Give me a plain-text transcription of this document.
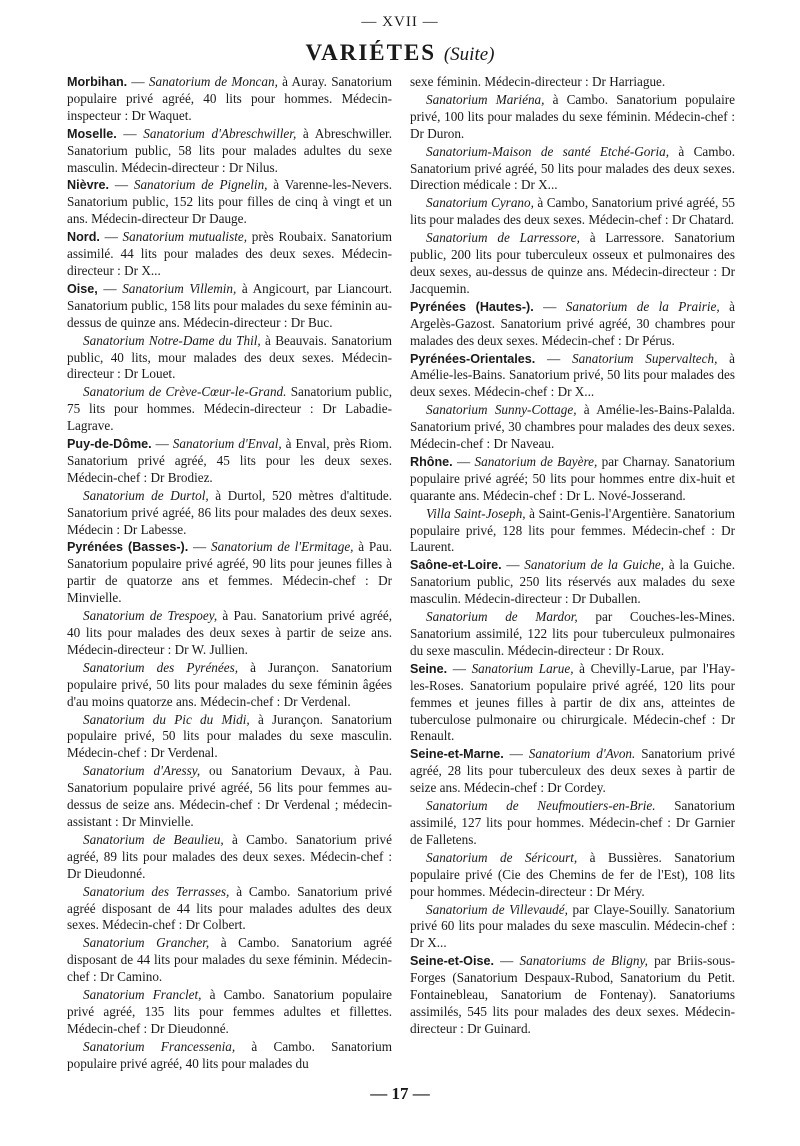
— XVII —
VARIÉTES (Suite)

Morbihan. — Sanatorium de Moncan, à Auray. Sanatorium populaire privé agréé, 40 lits pour hommes. Médecin-inspecteur : Dr Waquet.

Moselle. — Sanatorium d'Abreschwiller, à Abreschwiller. Sanatorium public, 58 lits pour malades adultes du sexe masculin. Médecin-directeur : Dr Nilus.

Nièvre. — Sanatorium de Pignelin, à Varenne-les-Nevers. Sanatorium public, 152 lits pour filles de cinq à vingt et un ans. Médecin-directeur Dr Dauge.

Nord. — Sanatorium mutualiste, près Roubaix. Sanatorium assimilé. 44 lits pour malades des deux sexes. Médecin-directeur : Dr X...

Oise, — Sanatorium Villemin, à Angicourt, par Liancourt. Sanatorium public, 158 lits pour malades du sexe féminin au-dessus de quinze ans. Médecin-directeur : Dr Buc.

Sanatorium Notre-Dame du Thil, à Beauvais. Sanatorium public, 40 lits, mour malades des deux sexes. Médecin-directeur : Dr Louet.

Sanatorium de Crève-Cœur-le-Grand. Sanatorium public, 75 lits pour hommes. Médecin-directeur : Dr Labadie-Lagrave.

Puy-de-Dôme. — Sanatorium d'Enval, à Enval, près Riom. Sanatorium privé agréé, 45 lits pour les deux sexes. Médecin-chef : Dr Brodiez.

Sanatorium de Durtol, à Durtol, 520 mètres d'altitude. Sanatorium privé agréé, 86 lits pour malades des deux sexes. Médecin : Dr Labesse.

Pyrénées (Basses-). — Sanatorium de l'Ermitage, à Pau. Sanatorium populaire privé agréé, 90 lits pour jeunes filles à partir de quatorze ans et femmes. Médecin-chef : Dr Minvielle.

Sanatorium de Trespoey, à Pau. Sanatorium privé agréé, 40 lits pour malades des deux sexes à partir de seize ans. Médecin-directeur : Dr W. Jullien.

Sanatorium des Pyrénées, à Jurançon. Sanatorium populaire privé, 50 lits pour malades du sexe féminin âgées d'au moins quatorze ans. Médecin-chef : Dr Verdenal.

Sanatorium du Pic du Midi, à Jurançon. Sanatorium populaire privé, 50 lits pour malades du sexe masculin. Médecin-chef : Dr Verdenal.

Sanatorium d'Aressy, ou Sanatorium Devaux, à Pau. Sanatorium populaire privé agréé, 56 lits pour femmes au-dessus de seize ans. Médecin-chef : Dr Verdenal ; médecin-assistant : Dr Minvielle.

Sanatorium de Beaulieu, à Cambo. Sanatorium privé agréé, 89 lits pour malades des deux sexes. Médecin-chef : Dr Dieudonné.

Sanatorium des Terrasses, à Cambo. Sanatorium privé agréé disposant de 44 lits pour malades adultes des deux sexes. Médecin-chef : Dr Colbert.

Sanatorium Grancher, à Cambo. Sanatorium agréé disposant de 44 lits pour malades du sexe féminin. Médecin-chef : Dr Camino.

Sanatorium Franclet, à Cambo. Sanatorium populaire privé agréé, 135 lits pour femmes adultes et fillettes. Médecin-chef : Dr Dieudonné.

Sanatorium Francessenia, à Cambo. Sanatorium populaire privé agréé, 40 lits pour malades du

sexe féminin. Médecin-directeur : Dr Harriague.

Sanatorium Mariéna, à Cambo. Sanatorium populaire privé, 100 lits pour malades du sexe féminin. Médecin-chef : Dr Duron.

Sanatorium-Maison de santé Etché-Goria, à Cambo. Sanatorium privé agréé, 50 lits pour malades des deux sexes. Direction médicale : Dr X...

Sanatorium Cyrano, à Cambo, Sanatorium privé agréé, 55 lits pour malades des deux sexes. Médecin-chef : Dr Chatard.

Sanatorium de Larressore, à Larressore. Sanatorium public, 200 lits pour tuberculeux osseux et pulmonaires des deux sexes, au-dessus de quinze ans. Médecin-directeur : Dr Jacquemin.

Pyrénées (Hautes-). — Sanatorium de la Prairie, à Argelès-Gazost. Sanatorium privé agréé, 30 chambres pour malades des deux sexes. Médecin-chef : Dr Pérus.

Pyrénées-Orientales. — Sanatorium Supervaltech, à Amélie-les-Bains. Sanatorium privé, 50 lits pour malades des deux sexes. Médecin-chef : Dr X...

Sanatorium Sunny-Cottage, à Amélie-les-Bains-Palalda. Sanatorium privé, 30 chambres pour malades des deux sexes. Médecin-chef : Dr Naveau.

Rhône. — Sanatorium de Bayère, par Charnay. Sanatorium populaire privé agréé; 50 lits pour hommes entre dix-huit et quarante ans. Médecin-chef : Dr L. Nové-Josserand.

Villa Saint-Joseph, à Saint-Genis-l'Argentière. Sanatorium populaire privé, 128 lits pour femmes. Médecin-chef : Dr Laurent.

Saône-et-Loire. — Sanatorium de la Guiche, à la Guiche. Sanatorium public, 250 lits réservés aux malades du sexe masculin. Médecin-directeur : Dr Duballen.

Sanatorium de Mardor, par Couches-les-Mines. Sanatorium assimilé, 122 lits pour tuberculeux pulmonaires du sexe masculin. Médecin-directeur : Dr Roux.

Seine. — Sanatorium Larue, à Chevilly-Larue, par l'Hay-les-Roses. Sanatorium populaire privé agréé, 120 lits pour femmes et jeunes filles à partir de dix ans, atteintes de tuberculose pulmonaire ou chirurgicale. Médecin-chef : Dr Renault.

Seine-et-Marne. — Sanatorium d'Avon. Sanatorium privé agréé, 28 lits pour tuberculeux des deux sexes à partir de seize ans. Médecin-chef : Dr Cordey.

Sanatorium de Neufmoutiers-en-Brie. Sanatorium assimilé, 127 lits pour hommes. Médecin-chef : Dr Garnier de Falletens.

Sanatorium de Séricourt, à Bussières. Sanatorium populaire privé (Cie des Chemins de fer de l'Est), 108 lits pour hommes. Médecin-directeur : Dr Méry.

Sanatorium de Villevaudé, par Claye-Souilly. Sanatorium privé 60 lits pour malades du sexe masculin. Médecin-chef : Dr X...

Seine-et-Oise. — Sanatoriums de Bligny, par Briis-sous-Forges (Sanatorium Despaux-Rubod, Sanatorium du Petit. Fontainebleau, Sanatorium de Fontenay). Sanatoriums assimilés, 545 lits pour malades des deux sexes. Médecin-directeur : Dr Guinard.

— 17 —
